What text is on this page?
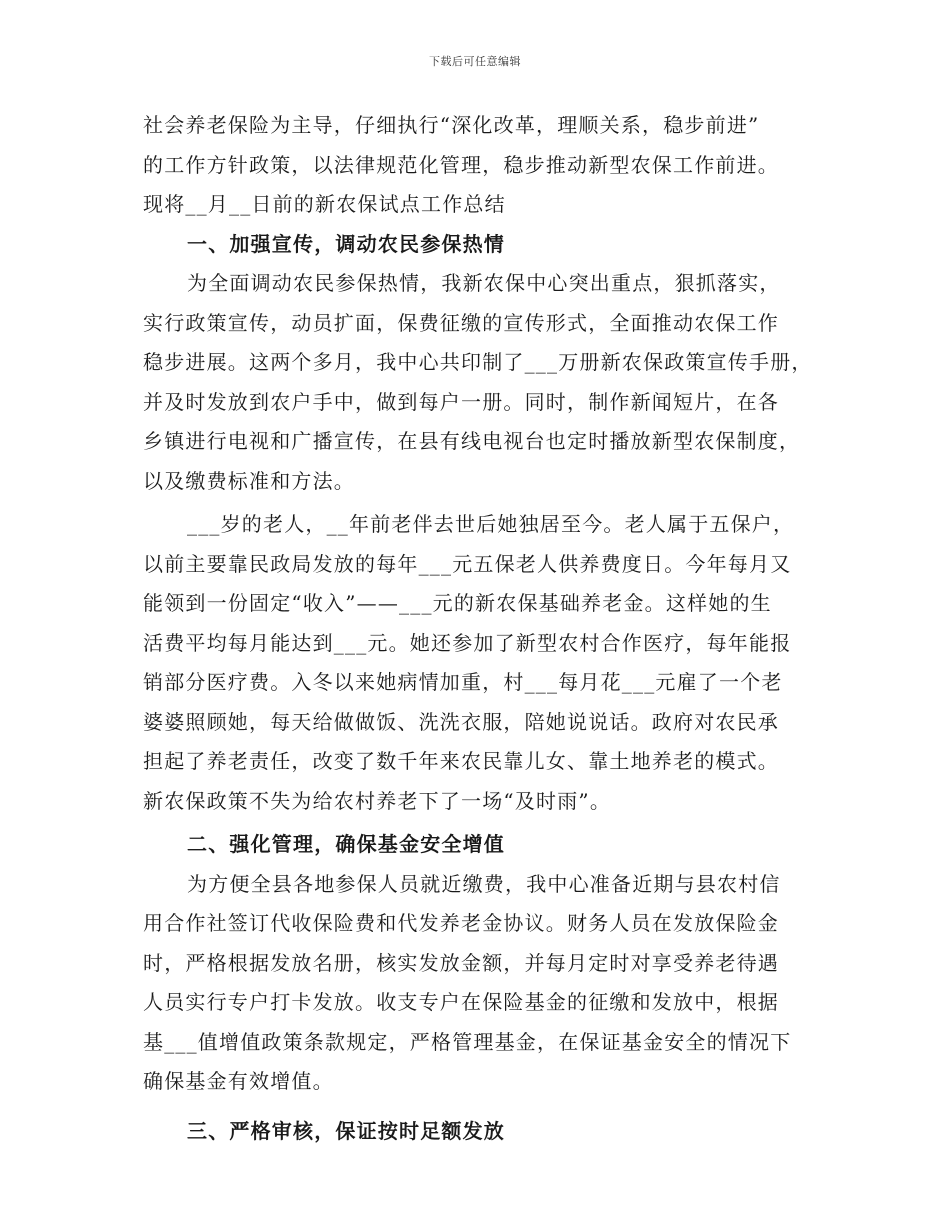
下载后可任意编辑
社会养老保险为主导，仔细执行“深化改革，理顺关系，稳步前进”
的工作方针政策，以法律规范化管理，稳步推动新型农保工作前进。
现将__月__日前的新农保试点工作总结
一、加强宣传，调动农民参保热情
为全面调动农民参保热情，我新农保中心突出重点，狠抓落实，
实行政策宣传，动员扩面，保费征缴的宣传形式，全面推动农保工作
稳步进展。这两个多月，我中心共印制了___万册新农保政策宣传手册，
并及时发放到农户手中，做到每户一册。同时，制作新闻短片，在各
乡镇进行电视和广播宣传，在县有线电视台也定时播放新型农保制度，
以及缴费标准和方法。
___岁的老人，__年前老伴去世后她独居至今。老人属于五保户，
以前主要靠民政局发放的每年___元五保老人供养费度日。今年每月又
能领到一份固定“收入”——___元的新农保基础养老金。这样她的生
活费平均每月能达到___元。她还参加了新型农村合作医疗，每年能报
销部分医疗费。入冬以来她病情加重，村___每月花___元雇了一个老
婆婆照顾她，每天给做做饭、洗洗衣服，陪她说说话。政府对农民承
担起了养老责任，改变了数千年来农民靠儿女、靠土地养老的模式。
新农保政策不失为给农村养老下了一场“及时雨”。
二、强化管理，确保基金安全增值
为方便全县各地参保人员就近缴费，我中心准备近期与县农村信
用合作社签订代收保险费和代发养老金协议。财务人员在发放保险金
时，严格根据发放名册，核实发放金额，并每月定时对享受养老待遇
人员实行专户打卡发放。收支专户在保险基金的征缴和发放中，根据
基___值增值政策条款规定，严格管理基金，在保证基金安全的情况下
确保基金有效增值。
三、严格审核，保证按时足额发放
